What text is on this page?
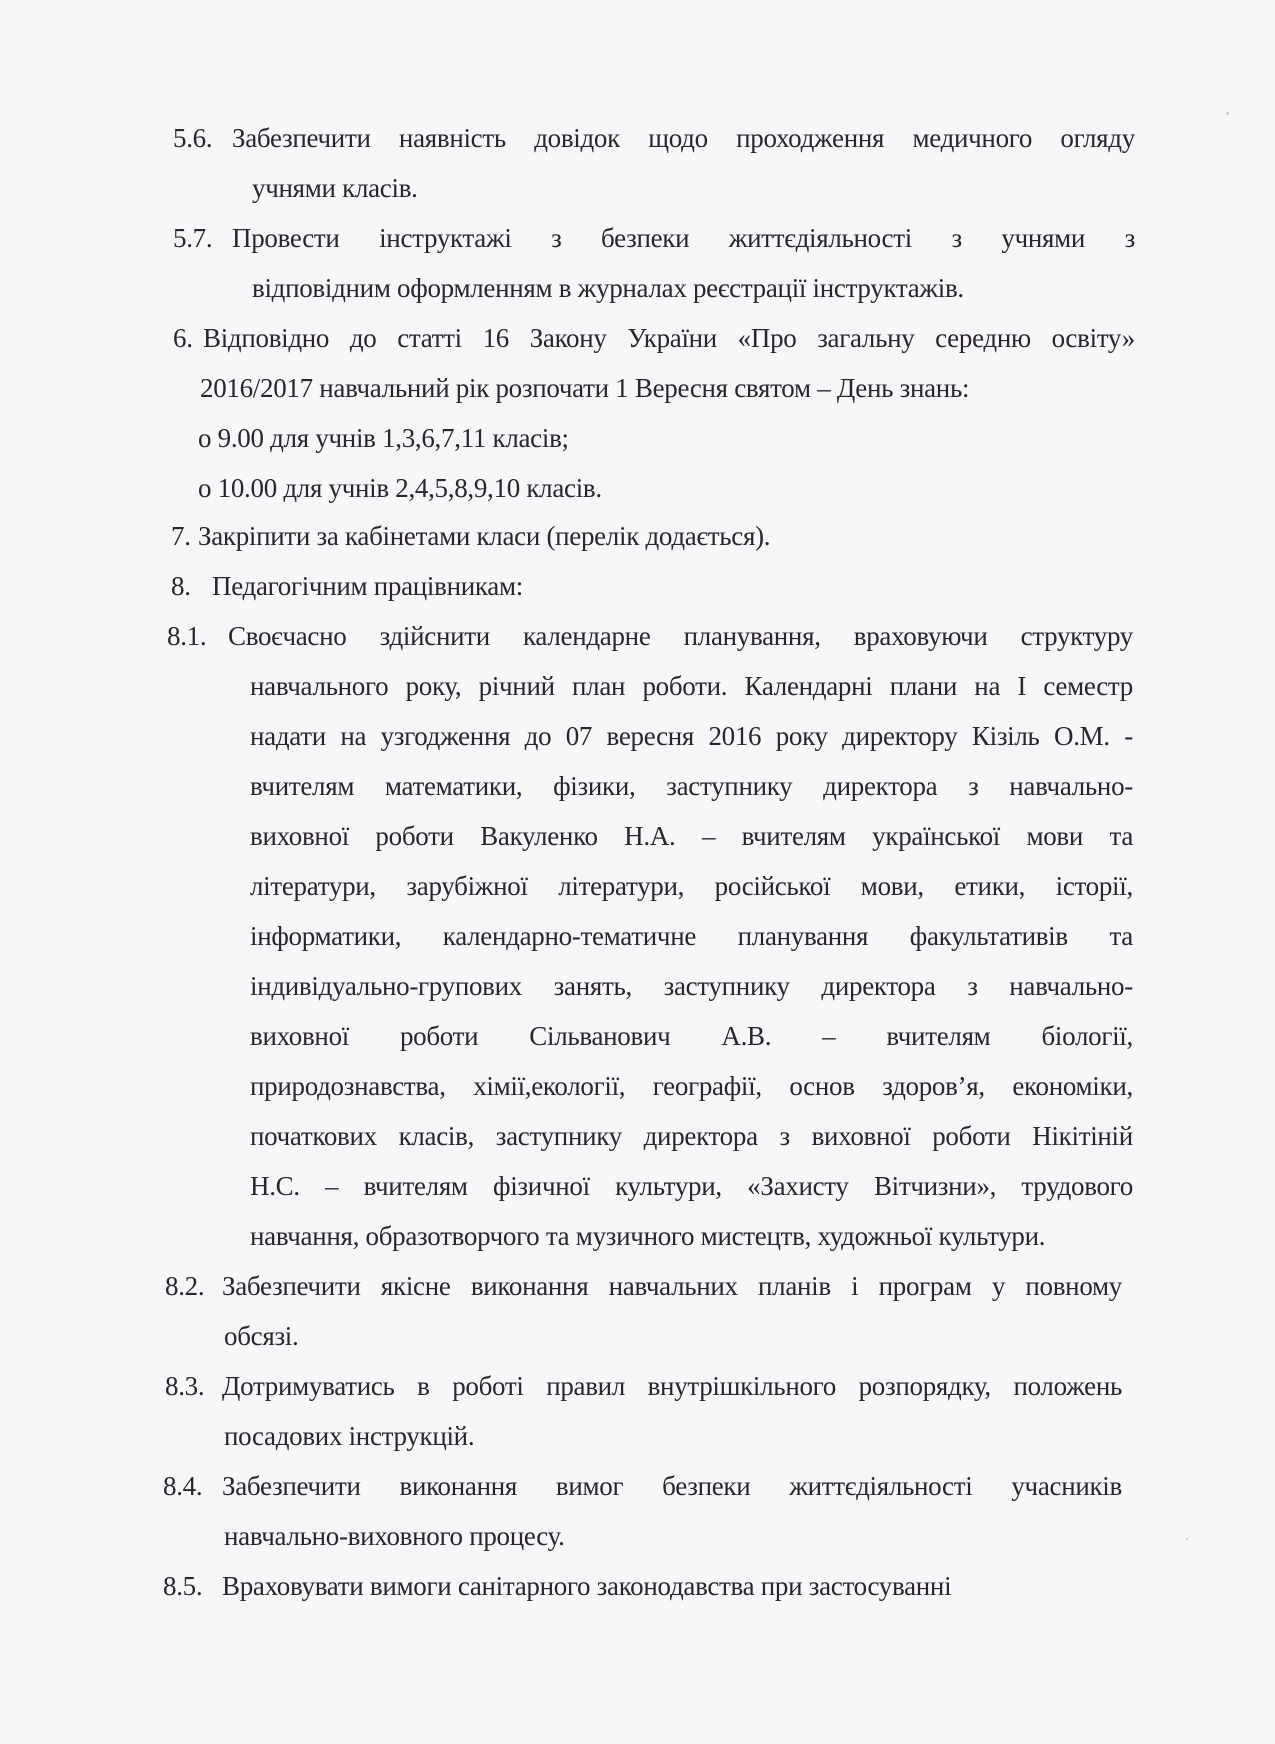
5.6. Забезпечити наявність довідок щодо проходження медичного огляду
учнями класів.
5.7. Провести інструктажі з безпеки життєдіяльності з учнями з
відповідним оформленням в журналах реєстрації інструктажів.
6. Відповідно до статті 16 Закону України «Про загальну середню освіту»
2016/2017 навчальний рік розпочати 1 Вересня святом – День знань:
о 9.00 для учнів 1,3,6,7,11 класів;
о 10.00 для учнів 2,4,5,8,9,10 класів.
7. Закріпити за кабінетами класи (перелік додається).
8. Педагогічним працівникам:
8.1. Своєчасно здійснити календарне планування, враховуючи структуру
навчального року, річний план роботи. Календарні плани на І семестр
надати на узгодження до 07 вересня 2016 року директору Кізіль О.М. -
вчителям математики, фізики, заступнику директора з навчально-
виховної роботи Вакуленко Н.А. – вчителям української мови та
літератури, зарубіжної літератури, російської мови, етики, історії,
інформатики, календарно-тематичне планування факультативів та
індивідуально-групових занять, заступнику директора з навчально-
виховної роботи Сільванович А.В. – вчителям біології,
природознавства, хімії,екології, географії, основ здоров’я, економіки,
початкових класів, заступнику директора з виховної роботи Нікітіній
Н.С. – вчителям фізичної культури, «Захисту Вітчизни», трудового
навчання, образотворчого та музичного мистецтв, художньої культури.
8.2. Забезпечити якісне виконання навчальних планів і програм у повному
обсязі.
8.3. Дотримуватись в роботі правил внутрішкільного розпорядку, положень
посадових інструкцій.
8.4. Забезпечити виконання вимог безпеки життєдіяльності учасників
навчально-виховного процесу.
8.5. Враховувати вимоги санітарного законодавства при застосуванні
